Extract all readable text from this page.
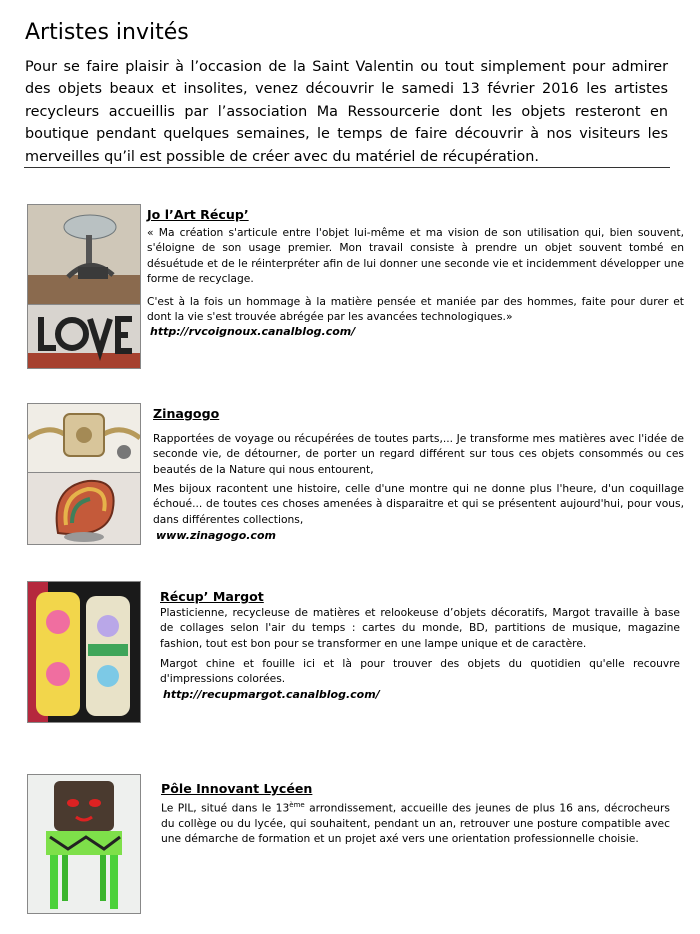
Artistes invités

Pour se faire plaisir à l’occasion de la Saint Valentin ou tout simplement pour admirer des objets beaux et insolites, venez découvrir le samedi 13 février 2016 les artistes recycleurs accueillis par l’association Ma Ressourcerie dont les objets resteront en boutique pendant quelques semaines, le temps de faire découvrir à nos visiteurs les merveilles qu’il est possible de créer avec du matériel de récupération.

Jo l’Art Récup’

« Ma création s'articule entre l'objet lui-même et ma vision de son utilisation qui, bien souvent, s'éloigne de son usage premier. Mon travail consiste à prendre un objet souvent tombé en désuétude et de le réinterpréter afin de lui donner une seconde vie et incidemment développer une forme de recyclage.

C'est à la fois un hommage à la matière pensée et maniée par des hommes, faite pour durer et dont la vie s'est trouvée abrégée par les avancées technologiques.»

http://rvcoignoux.canalblog.com/

Zinagogo

Rapportées de voyage ou récupérées de toutes parts,... Je transforme mes matières avec l'idée de seconde vie, de détourner, de porter un regard différent sur tous ces objets consommés ou ces beautés de la Nature qui nous entourent,

Mes bijoux racontent une histoire, celle d'une montre qui ne donne plus l'heure, d'un coquillage échoué... de toutes ces choses amenées à disparaitre et qui se présentent aujourd'hui, pour vous, dans différentes collections,

www.zinagogo.com

Récup’ Margot

Plasticienne, recycleuse de matières et relookeuse d’objets décoratifs, Margot travaille à base de collages selon l'air du temps : cartes du monde, BD, partitions de musique, magazine fashion, tout est bon pour se transformer en une lampe unique et de caractère.

Margot chine et fouille ici et là pour trouver des objets du quotidien qu'elle recouvre d'impressions colorées.

http://recupmargot.canalblog.com/

Pôle Innovant Lycéen

Le PIL, situé dans le 13ème arrondissement, accueille des jeunes de plus 16 ans, décrocheurs du collège ou du lycée, qui souhaitent, pendant un an, retrouver une posture compatible avec une démarche de formation et un projet axé vers une orientation professionnelle choisie.
